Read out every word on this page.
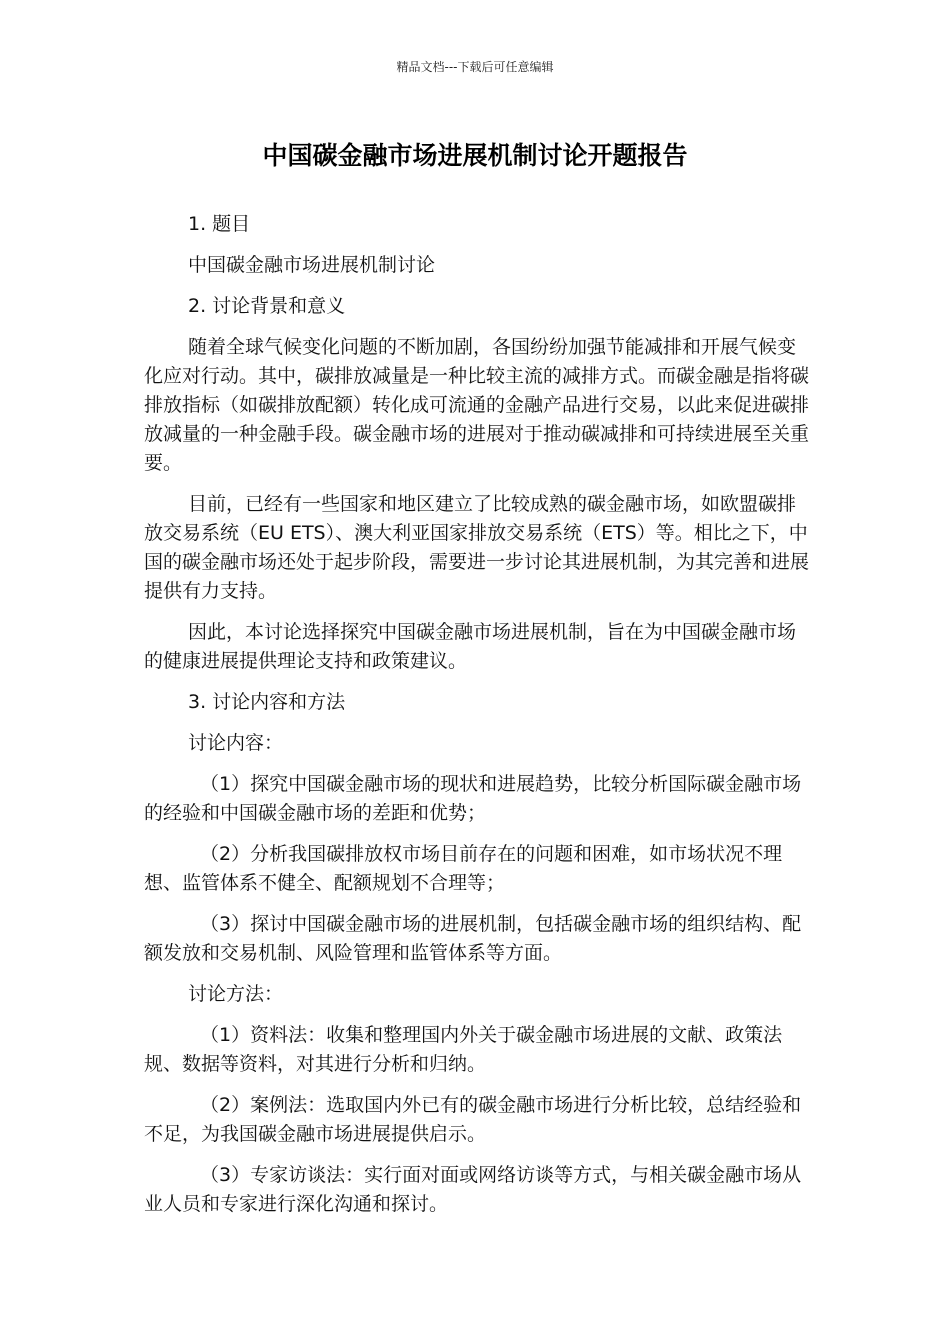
精品文档---下载后可任意编辑
中国碳金融市场进展机制讨论开题报告

1. 题目

中国碳金融市场进展机制讨论

2. 讨论背景和意义

随着全球气候变化问题的不断加剧，各国纷纷加强节能减排和开展气候变化应对行动。其中，碳排放减量是一种比较主流的减排方式。而碳金融是指将碳排放指标（如碳排放配额）转化成可流通的金融产品进行交易，以此来促进碳排放减量的一种金融手段。碳金融市场的进展对于推动碳减排和可持续进展至关重要。

目前，已经有一些国家和地区建立了比较成熟的碳金融市场，如欧盟碳排放交易系统（EU ETS）、澳大利亚国家排放交易系统（ETS）等。相比之下，中国的碳金融市场还处于起步阶段，需要进一步讨论其进展机制，为其完善和进展提供有力支持。

因此，本讨论选择探究中国碳金融市场进展机制，旨在为中国碳金融市场的健康进展提供理论支持和政策建议。

3. 讨论内容和方法

讨论内容：

（1）探究中国碳金融市场的现状和进展趋势，比较分析国际碳金融市场的经验和中国碳金融市场的差距和优势；

（2）分析我国碳排放权市场目前存在的问题和困难，如市场状况不理想、监管体系不健全、配额规划不合理等；

（3）探讨中国碳金融市场的进展机制，包括碳金融市场的组织结构、配额发放和交易机制、风险管理和监管体系等方面。

讨论方法：

（1）资料法：收集和整理国内外关于碳金融市场进展的文献、政策法规、数据等资料，对其进行分析和归纳。

（2）案例法：选取国内外已有的碳金融市场进行分析比较，总结经验和不足，为我国碳金融市场进展提供启示。

（3）专家访谈法：实行面对面或网络访谈等方式，与相关碳金融市场从业人员和专家进行深化沟通和探讨。
